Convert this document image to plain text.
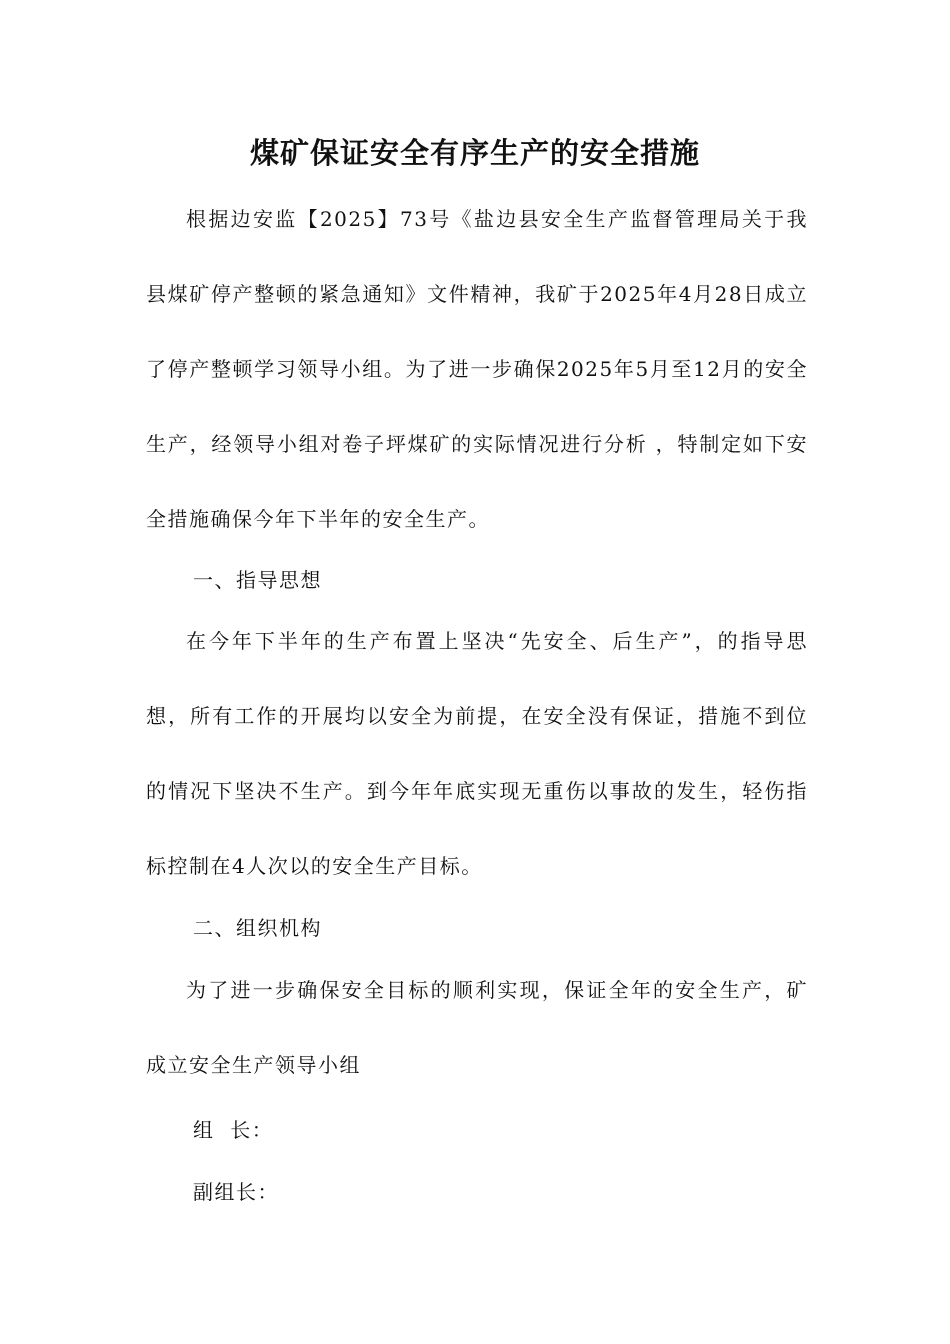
煤矿保证安全有序生产的安全措施

根据边安监【2025】73号《盐边县安全生产监督管理局关于我县煤矿停产整顿的紧急通知》文件精神，我矿于2025年4月28日成立了停产整顿学习领导小组。为了进一步确保2025年5月至12月的安全生产，经领导小组对卷子坪煤矿的实际情况进行分析 ，特制定如下安全措施确保今年下半年的安全生产。

一、指导思想

在今年下半年的生产布置上坚决“先安全、后生产”，的指导思想，所有工作的开展均以安全为前提，在安全没有保证，措施不到位的情况下坚决不生产。到今年年底实现无重伤以事故的发生，轻伤指标控制在4人次以的安全生产目标。

二、组织机构

为了进一步确保安全目标的顺利实现，保证全年的安全生产，矿成立安全生产领导小组

组  长：

副组长：
